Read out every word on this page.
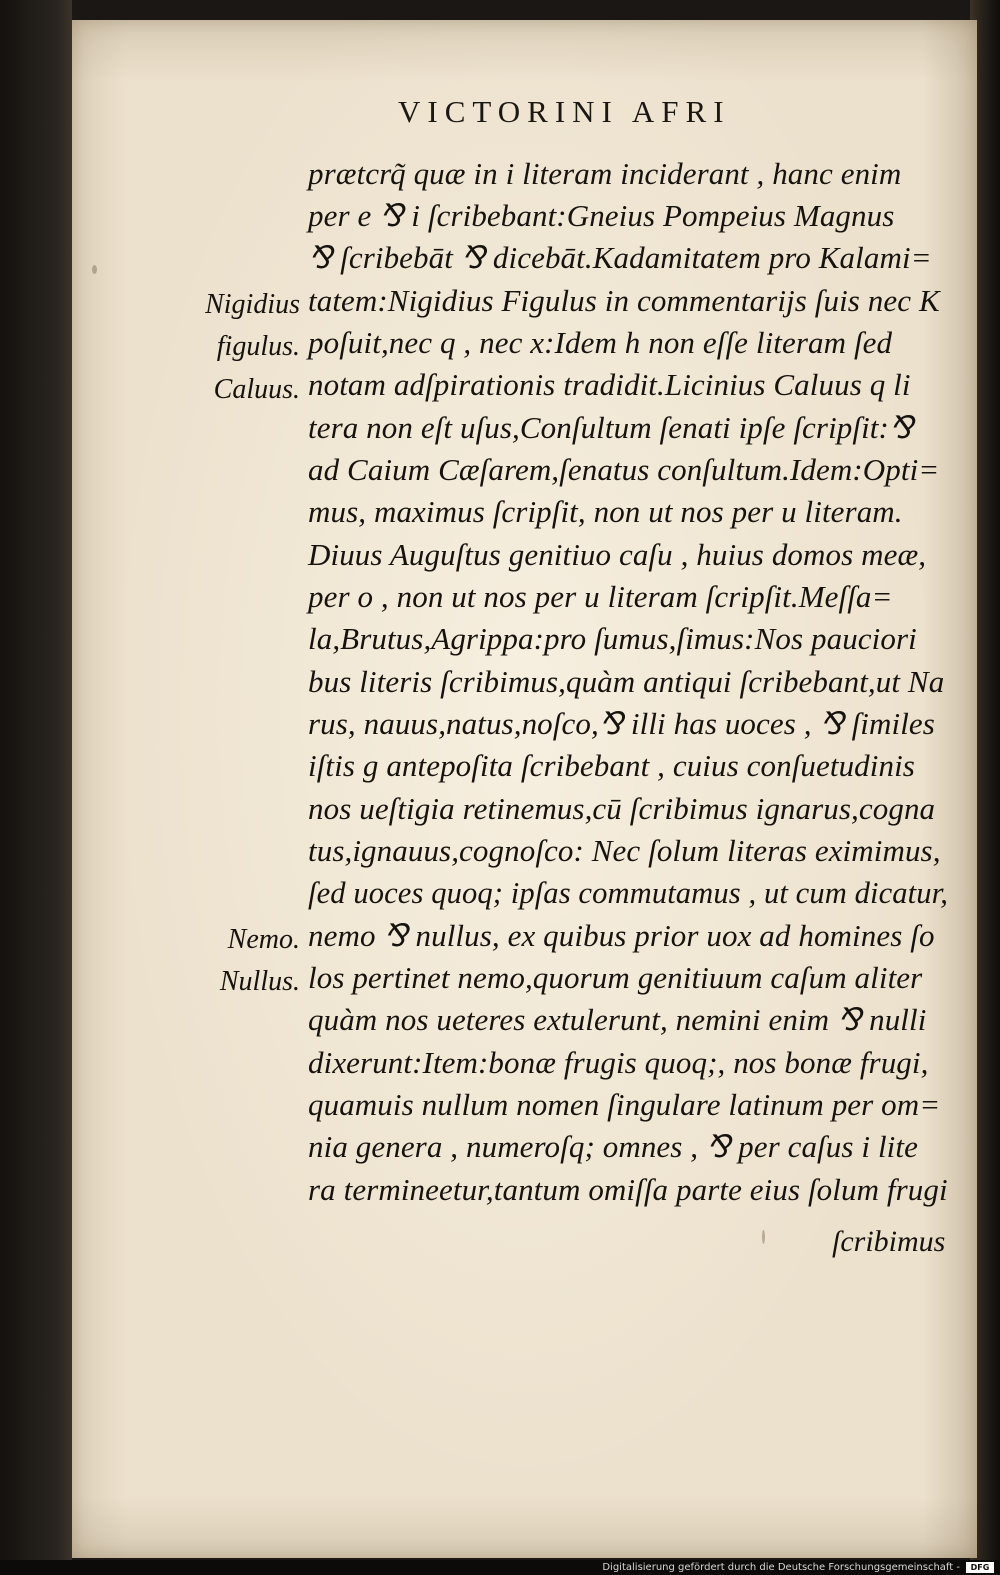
VICTORINI AFRI
prætcrq̃ quæ in i literam inciderant , hanc enim
per e ⅋ i ſcribebant:Gneius Pompeius Magnus
⅋ ſcribebāt ⅋ dicebāt.Kadamitatem pro Kalami=
tatem:Nigidius Figulus in commentarijs ſuis nec K
poſuit,nec q , nec x:Idem h non eſſe literam ſed
notam adſpirationis tradidit.Licinius Caluus q li
tera non eſt uſus,Conſultum ſenati ipſe ſcripſit:⅋
ad Caium Cæſarem,ſenatus conſultum.Idem:Opti=
mus, maximus ſcripſit, non ut nos per u literam.
Diuus Auguſtus genitiuo caſu , huius domos meæ,
per o , non ut nos per u literam ſcripſit.Meſſa=
la,Brutus,Agrippa:pro ſumus,ſimus:Nos pauciori
bus literis ſcribimus,quàm antiqui ſcribebant,ut Na
rus, nauus,natus,noſco,⅋ illi has uoces , ⅋ ſimiles
iſtis g antepoſita ſcribebant , cuius conſuetudinis
nos ueſtigia retinemus,cū ſcribimus ignarus,cogna
tus,ignauus,cognoſco: Nec ſolum literas eximimus,
ſed uoces quoq; ipſas commutamus , ut cum dicatur,
nemo ⅋ nullus, ex quibus prior uox ad homines ſo
los pertinet nemo,quorum genitiuum caſum aliter
quàm nos ueteres extulerunt, nemini enim ⅋ nulli
dixerunt:Item:bonæ frugis quoq;, nos bonæ frugi,
quamuis nullum nomen ſingulare latinum per om=
nia genera , numeroſq; omnes , ⅋ per caſus i lite
ra termineetur,tantum omiſſa parte eius ſolum frugi
Nigidius
figulus.
Caluus.
Nemo.
Nullus.
ſcribimus
Digitalisierung gefördert durch die Deutsche Forschungsgemeinschaft -	DFG
